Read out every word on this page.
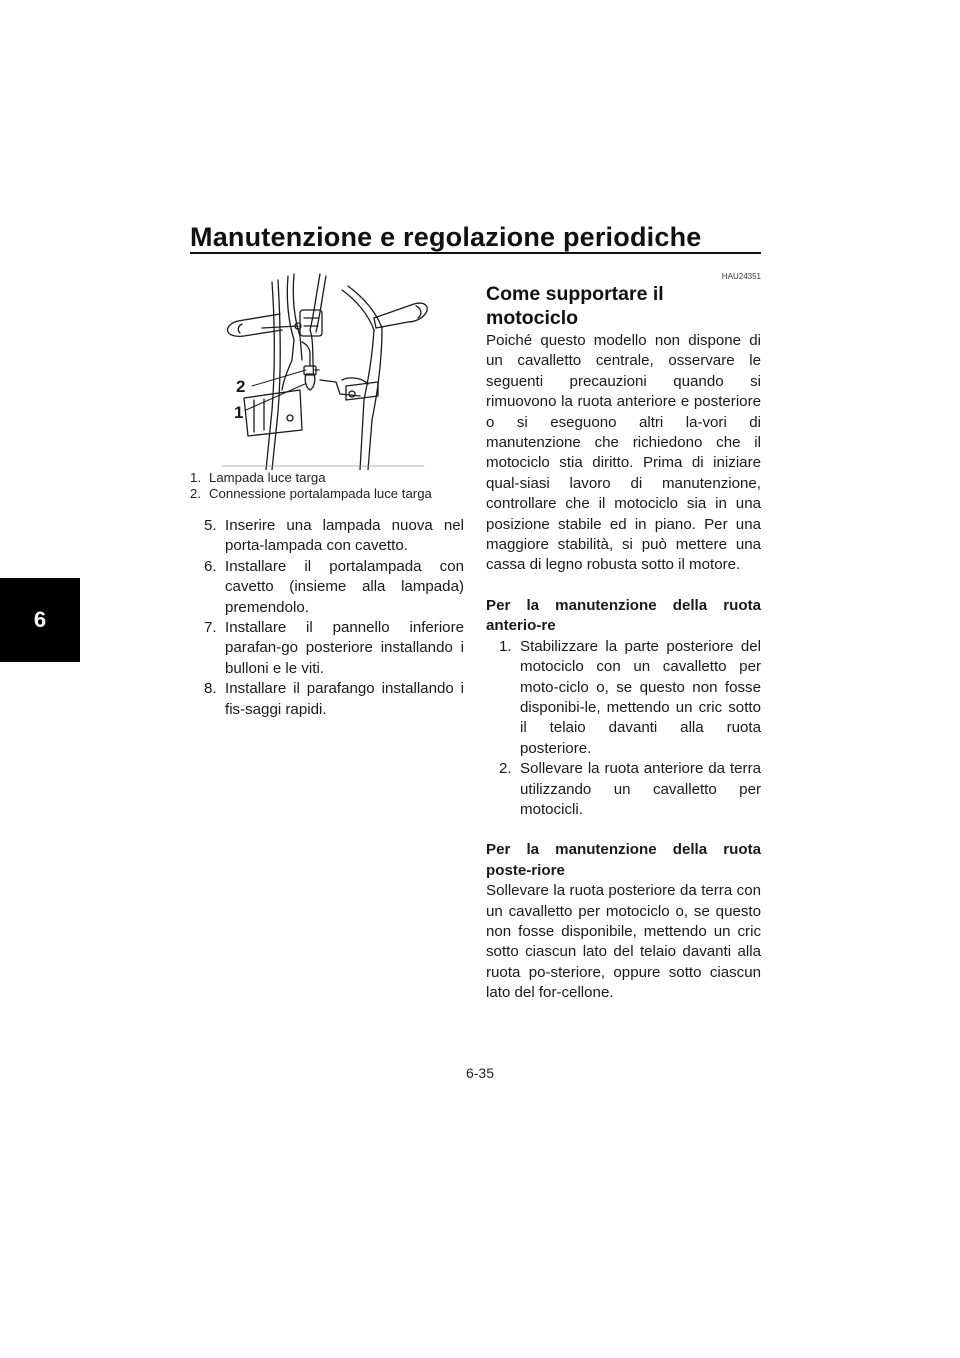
Manutenzione e regolazione periodiche
6
2
1
1. Lampada luce targa
2. Connessione portalampada luce targa
5. Inserire una lampada nuova nel porta-lampada con cavetto.
6. Installare il portalampada con cavetto (insieme alla lampada) premendolo.
7. Installare il pannello inferiore parafan-go posteriore installando i bulloni e le viti.
8. Installare il parafango installando i fis-saggi rapidi.
HAU24351
Come supportare il motociclo

Poiché questo modello non dispone di un cavalletto centrale, osservare le seguenti precauzioni quando si rimuovono la ruota anteriore e posteriore o si eseguono altri la-vori di manutenzione che richiedono che il motociclo stia diritto. Prima di iniziare qual-siasi lavoro di manutenzione, controllare che il motociclo sia in una posizione stabile ed in piano. Per una maggiore stabilità, si può mettere una cassa di legno robusta sotto il motore.

Per la manutenzione della ruota anterio-re
1. Stabilizzare la parte posteriore del motociclo con un cavalletto per moto-ciclo o, se questo non fosse disponibi-le, mettendo un cric sotto il telaio davanti alla ruota posteriore.
2. Sollevare la ruota anteriore da terra utilizzando un cavalletto per motocicli.
Per la manutenzione della ruota poste-riore

Sollevare la ruota posteriore da terra con un cavalletto per motociclo o, se questo non fosse disponibile, mettendo un cric sotto ciascun lato del telaio davanti alla ruota po-steriore, oppure sotto ciascun lato del for-cellone.

6-35
